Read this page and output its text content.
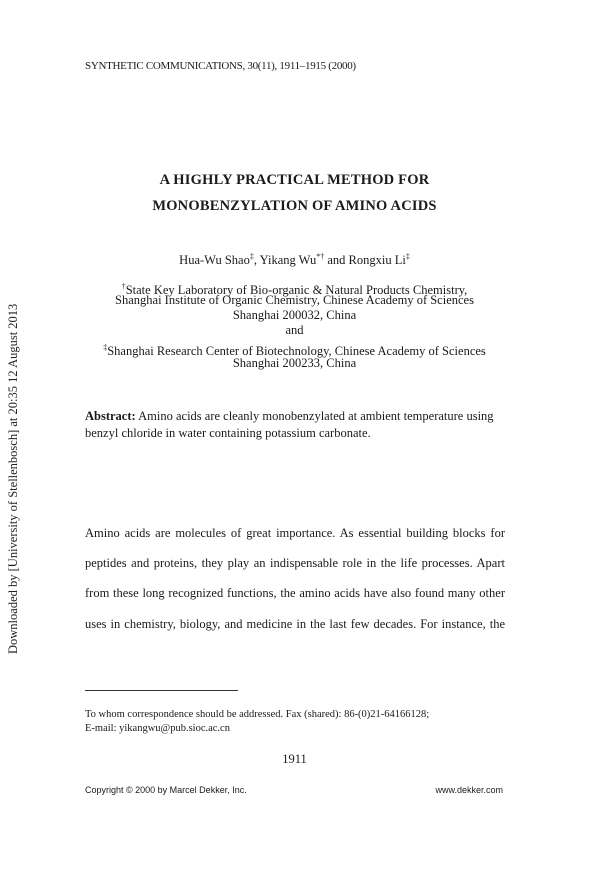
SYNTHETIC COMMUNICATIONS, 30(11), 1911–1915 (2000)
Downloaded by [University of Stellenbosch] at 20:35 12 August 2013
A HIGHLY PRACTICAL METHOD FOR
MONOBENZYLATION OF AMINO ACIDS
Hua-Wu Shao‡, Yikang Wu*† and Rongxiu Li‡
†State Key Laboratory of Bio-organic & Natural Products Chemistry,
Shanghai Institute of Organic Chemistry, Chinese Academy of Sciences
Shanghai 200032, China
and
‡Shanghai Research Center of Biotechnology, Chinese Academy of Sciences
Shanghai 200233, China
Abstract: Amino acids are cleanly monobenzylated at ambient temperature using benzyl chloride in water containing potassium carbonate.
Amino acids are molecules of great importance. As essential building blocks for
peptides and proteins, they play an indispensable role in the life processes. Apart
from these long recognized functions, the amino acids have also found many other
uses in chemistry, biology, and medicine in the last few decades. For instance, the
To whom correspondence should be addressed. Fax (shared): 86-(0)21-64166128;
E-mail: yikangwu@pub.sioc.ac.cn
1911
Copyright © 2000 by Marcel Dekker, Inc.	www.dekker.com
